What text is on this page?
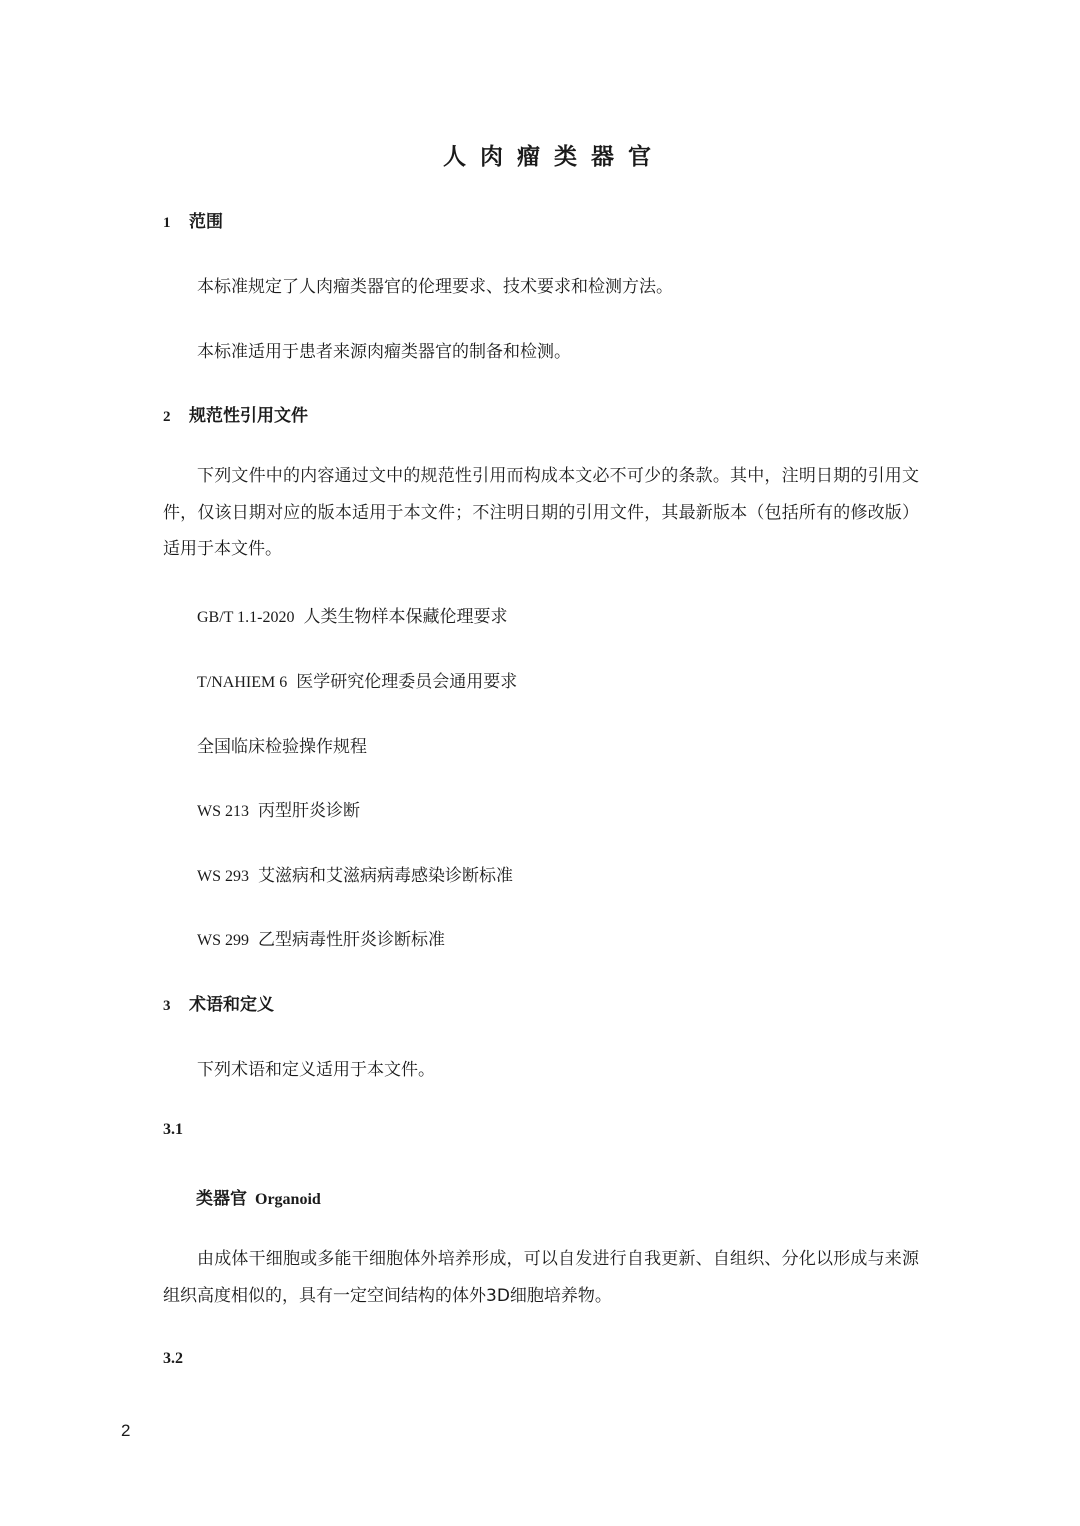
人肉瘤类器官
1 范围
本标准规定了人肉瘤类器官的伦理要求、技术要求和检测方法。
本标准适用于患者来源肉瘤类器官的制备和检测。
2 规范性引用文件
下列文件中的内容通过文中的规范性引用而构成本文必不可少的条款。其中，注明日期的引用文件，仅该日期对应的版本适用于本文件；不注明日期的引用文件，其最新版本（包括所有的修改版）适用于本文件。
GB/T 1.1-2020 人类生物样本保藏伦理要求
T/NAHIEM 6 医学研究伦理委员会通用要求
全国临床检验操作规程
WS 213 丙型肝炎诊断
WS 293 艾滋病和艾滋病病毒感染诊断标准
WS 299 乙型病毒性肝炎诊断标准
3 术语和定义
下列术语和定义适用于本文件。
3.1
类器官 Organoid
由成体干细胞或多能干细胞体外培养形成，可以自发进行自我更新、自组织、分化以形成与来源组织高度相似的，具有一定空间结构的体外3D细胞培养物。
3.2
2
